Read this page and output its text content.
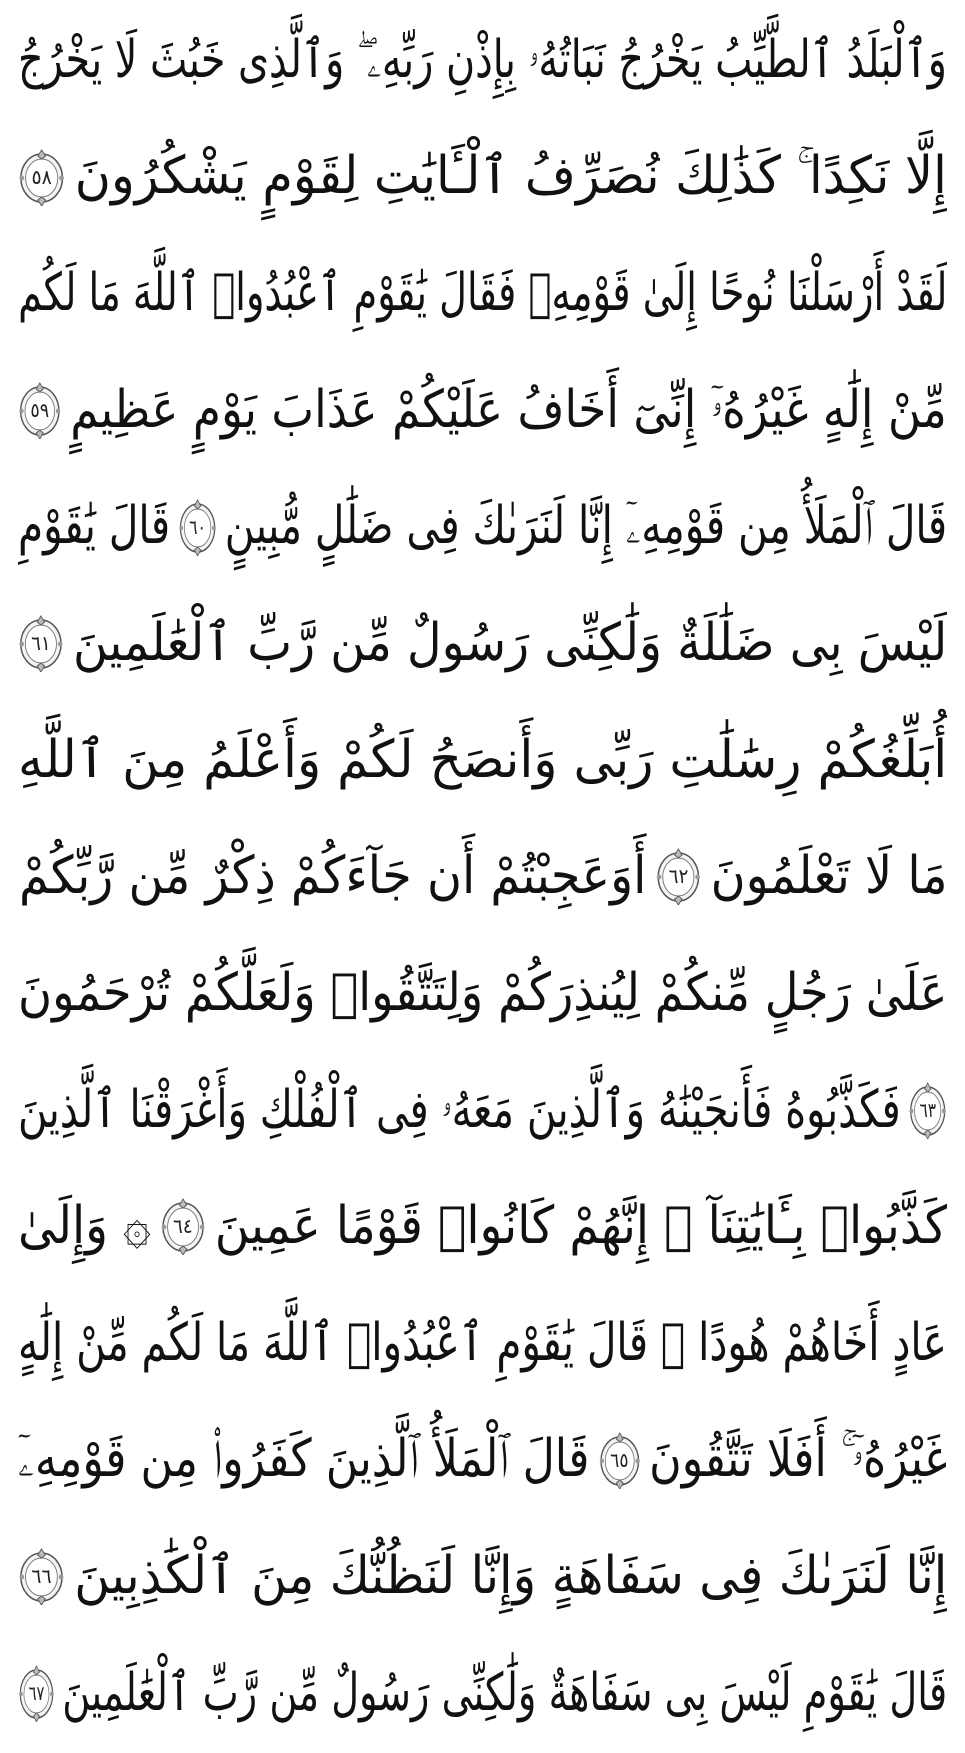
وَٱلْبَلَدُ ٱلطَّيِّبُ يَخْرُجُ نَبَاتُهُۥ بِإِذْنِ رَبِّهِۦ ۖ وَٱلَّذِى خَبُثَ لَا يَخْرُجُ
إِلَّا نَكِدًا ۚ كَذَٰلِكَ نُصَرِّفُ ٱلْـَٔايَٰتِ لِقَوْمٍ يَشْكُرُونَ
٥٨
لَقَدْ أَرْسَلْنَا نُوحًا إِلَىٰ قَوْمِهِۦ فَقَالَ يَٰقَوْمِ ٱعْبُدُوا۟ ٱللَّهَ مَا لَكُم
مِّنْ إِلَٰهٍ غَيْرُهُۥٓ إِنِّىٓ أَخَافُ عَلَيْكُمْ عَذَابَ يَوْمٍ عَظِيمٍ
٥٩
قَالَ ٱلْمَلَأُ مِن قَوْمِهِۦٓ إِنَّا لَنَرَىٰكَ فِى ضَلَٰلٍ مُّبِينٍ
٦٠
قَالَ يَٰقَوْمِ
لَيْسَ بِى ضَلَٰلَةٌ وَلَٰكِنِّى رَسُولٌ مِّن رَّبِّ ٱلْعَٰلَمِينَ
٦١
أُبَلِّغُكُمْ رِسَٰلَٰتِ رَبِّى وَأَنصَحُ لَكُمْ وَأَعْلَمُ مِنَ ٱللَّهِ
مَا لَا تَعْلَمُونَ
٦٢
أَوَعَجِبْتُمْ أَن جَآءَكُمْ ذِكْرٌ مِّن رَّبِّكُمْ
عَلَىٰ رَجُلٍ مِّنكُمْ لِيُنذِرَكُمْ وَلِتَتَّقُوا۟ وَلَعَلَّكُمْ تُرْحَمُونَ
٦٣
فَكَذَّبُوهُ فَأَنجَيْنَٰهُ وَٱلَّذِينَ مَعَهُۥ فِى ٱلْفُلْكِ وَأَغْرَقْنَا ٱلَّذِينَ
كَذَّبُوا۟ بِـَٔايَٰتِنَآ ۚ إِنَّهُمْ كَانُوا۟ قَوْمًا عَمِينَ
٦٤
۞ وَإِلَىٰ
عَادٍ أَخَاهُمْ هُودًا ۗ قَالَ يَٰقَوْمِ ٱعْبُدُوا۟ ٱللَّهَ مَا لَكُم مِّنْ إِلَٰهٍ
غَيْرُهُۥٓ ۚ أَفَلَا تَتَّقُونَ
٦٥
قَالَ ٱلْمَلَأُ ٱلَّذِينَ كَفَرُوا۟ مِن قَوْمِهِۦٓ
إِنَّا لَنَرَىٰكَ فِى سَفَاهَةٍ وَإِنَّا لَنَظُنُّكَ مِنَ ٱلْكَٰذِبِينَ
٦٦
قَالَ يَٰقَوْمِ لَيْسَ بِى سَفَاهَةٌ وَلَٰكِنِّى رَسُولٌ مِّن رَّبِّ ٱلْعَٰلَمِينَ
٦٧
